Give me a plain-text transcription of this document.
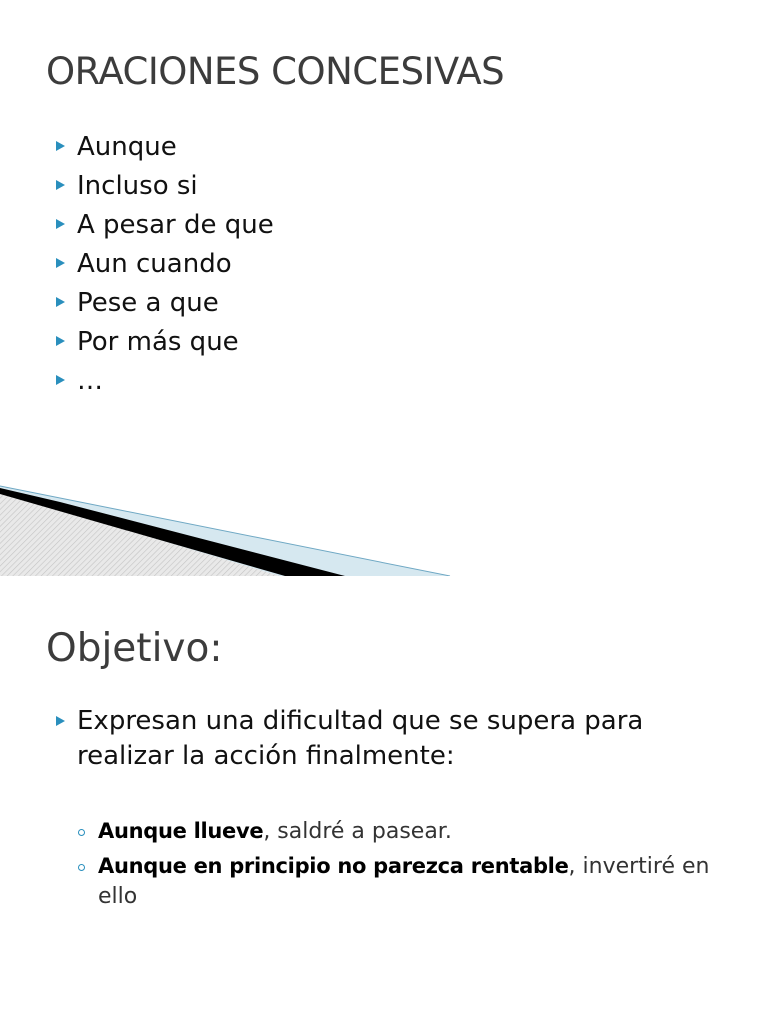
ORACIONES CONCESIVAS
Aunque
Incluso si
A pesar de que
Aun cuando
Pese a que
Por más que
…
Objetivo:
Expresan una dificultad que se supera para realizar la acción finalmente:
Aunque llueve, saldré a pasear.
Aunque en principio no parezca rentable, invertiré en ello
